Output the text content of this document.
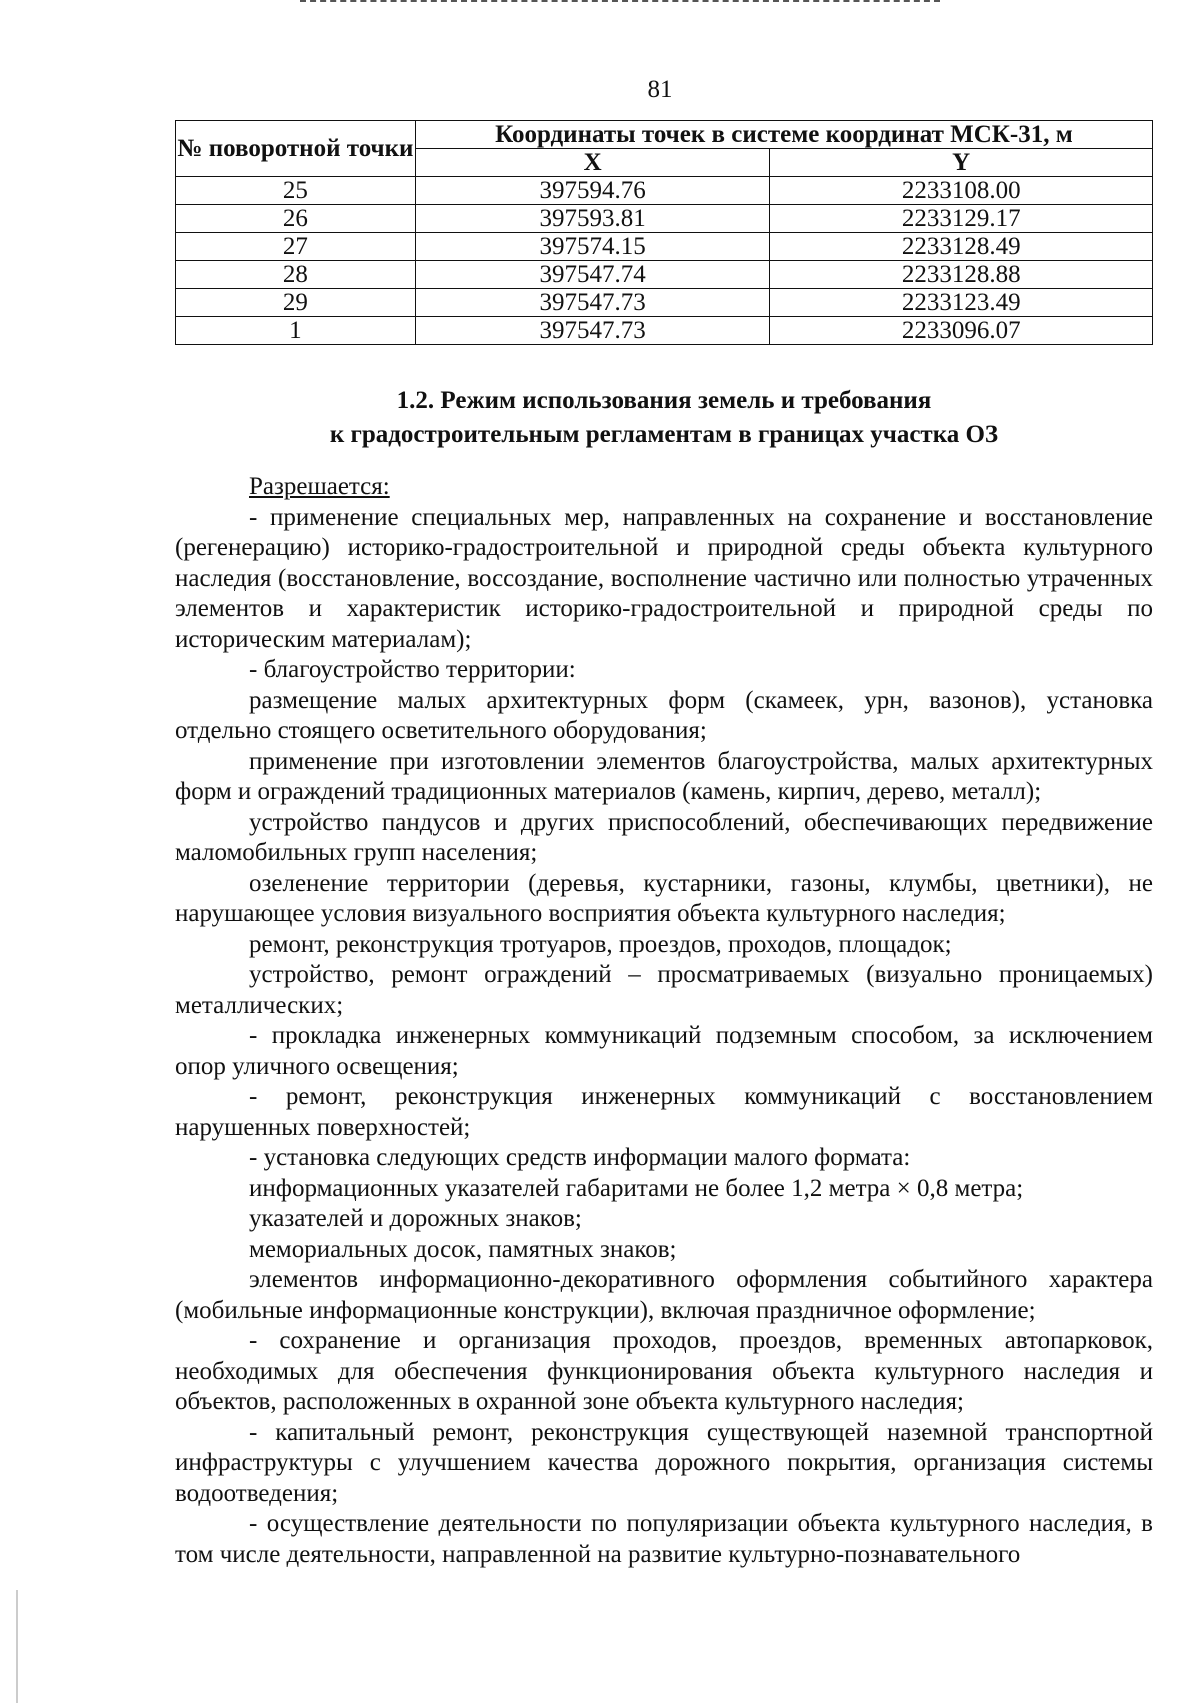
81
№ поворотной точки	Координаты точек в системе координат МСК-31, м	
	X	Y
25	397594.76	2233108.00
26	397593.81	2233129.17
27	397574.15	2233128.49
28	397547.74	2233128.88
29	397547.73	2233123.49
1	397547.73	2233096.07
1.2. Режим использования земель и требования
к градостроительным регламентам в границах участка ОЗ

Разрешается:

- применение специальных мер, направленных на сохранение и восстановление (регенерацию) историко-градостроительной и природной среды объекта культурного наследия (восстановление, воссоздание, восполнение частично или полностью утраченных элементов и характеристик историко-градостроительной и природной среды по историческим материалам);

- благоустройство территории:

размещение малых архитектурных форм (скамеек, урн, вазонов), установка отдельно стоящего осветительного оборудования;

применение при изготовлении элементов благоустройства, малых архитектурных форм и ограждений традиционных материалов (камень, кирпич, дерево, металл);

устройство пандусов и других приспособлений, обеспечивающих передвижение маломобильных групп населения;

озеленение территории (деревья, кустарники, газоны, клумбы, цветники), не нарушающее условия визуального восприятия объекта культурного наследия;

ремонт, реконструкция тротуаров, проездов, проходов, площадок;

устройство, ремонт ограждений – просматриваемых (визуально проницаемых) металлических;

- прокладка инженерных коммуникаций подземным способом, за исключением опор уличного освещения;

- ремонт, реконструкция инженерных коммуникаций с восстановлением нарушенных поверхностей;

- установка следующих средств информации малого формата:

информационных указателей габаритами не более 1,2 метра × 0,8 метра;

указателей и дорожных знаков;

мемориальных досок, памятных знаков;

элементов информационно-декоративного оформления событийного характера (мобильные информационные конструкции), включая праздничное оформление;

- сохранение и организация проходов, проездов, временных автопарковок, необходимых для обеспечения функционирования объекта культурного наследия и объектов, расположенных в охранной зоне объекта культурного наследия;

- капитальный ремонт, реконструкция существующей наземной транспортной инфраструктуры с улучшением качества дорожного покрытия, организация системы водоотведения;

- осуществление деятельности по популяризации объекта культурного наследия, в том числе деятельности, направленной на развитие культурно-познавательного
